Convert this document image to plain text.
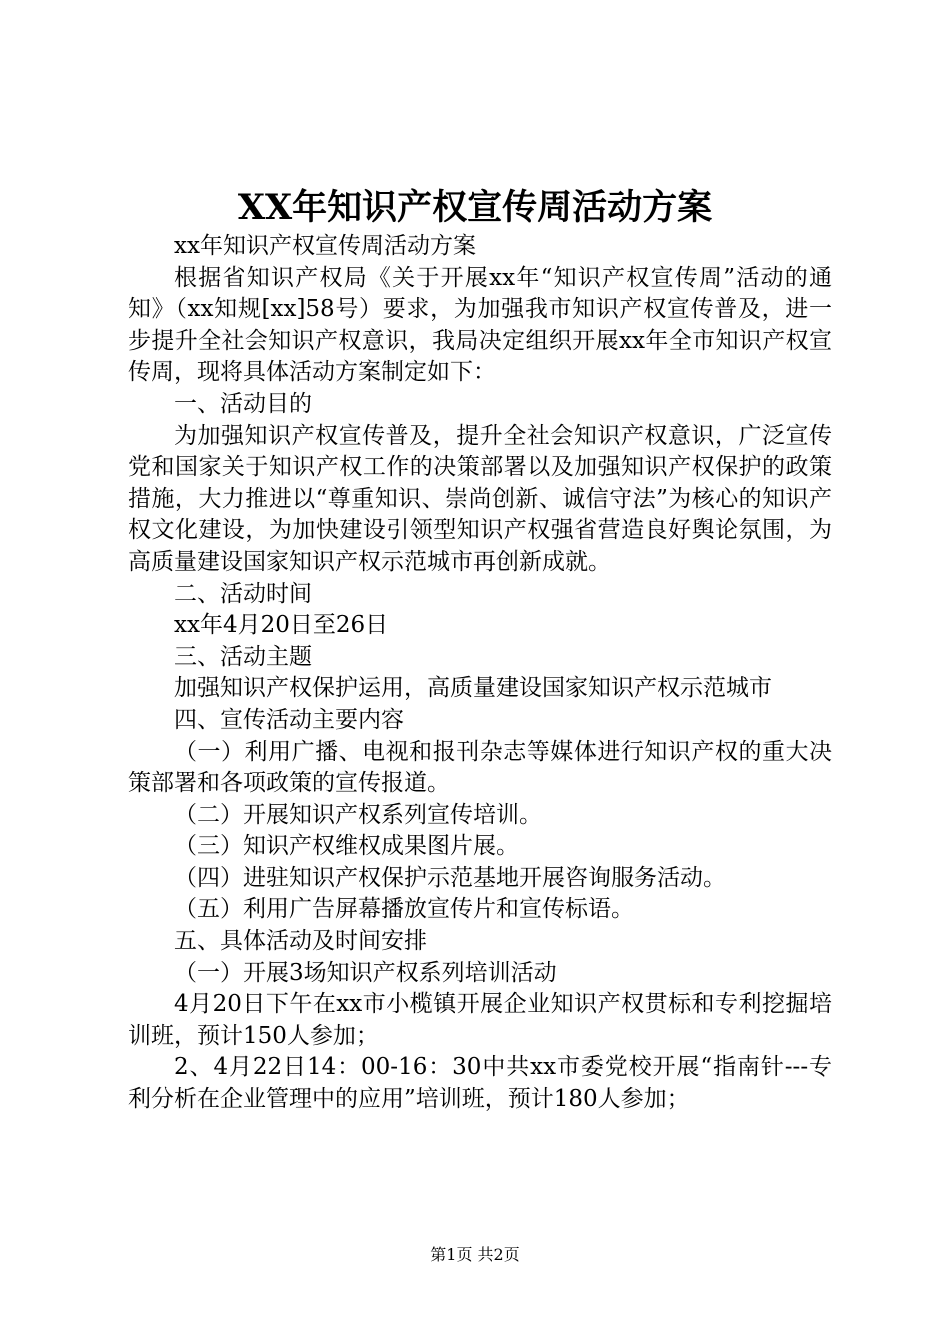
XX年知识产权宣传周活动方案

xx年知识产权宣传周活动方案

根据省知识产权局《关于开展xx年“知识产权宣传周”活动的通知》（xx知规[xx]58号）要求，为加强我市知识产权宣传普及，进一步提升全社会知识产权意识，我局决定组织开展xx年全市知识产权宣传周，现将具体活动方案制定如下：

一、活动目的

为加强知识产权宣传普及，提升全社会知识产权意识，广泛宣传党和国家关于知识产权工作的决策部署以及加强知识产权保护的政策措施，大力推进以“尊重知识、崇尚创新、诚信守法”为核心的知识产权文化建设，为加快建设引领型知识产权强省营造良好舆论氛围，为高质量建设国家知识产权示范城市再创新成就。

二、活动时间

xx年4月20日至26日

三、活动主题

加强知识产权保护运用，高质量建设国家知识产权示范城市

四、宣传活动主要内容

（一）利用广播、电视和报刊杂志等媒体进行知识产权的重大决策部署和各项政策的宣传报道。

（二）开展知识产权系列宣传培训。

（三）知识产权维权成果图片展。

（四）进驻知识产权保护示范基地开展咨询服务活动。

（五）利用广告屏幕播放宣传片和宣传标语。

五、具体活动及时间安排

（一）开展3场知识产权系列培训活动

4月20日下午在xx市小榄镇开展企业知识产权贯标和专利挖掘培训班，预计150人参加；

2、4月22日14：00-16：30中共xx市委党校开展“指南针---专利分析在企业管理中的应用”培训班，预计180人参加；

第1页 共2页
